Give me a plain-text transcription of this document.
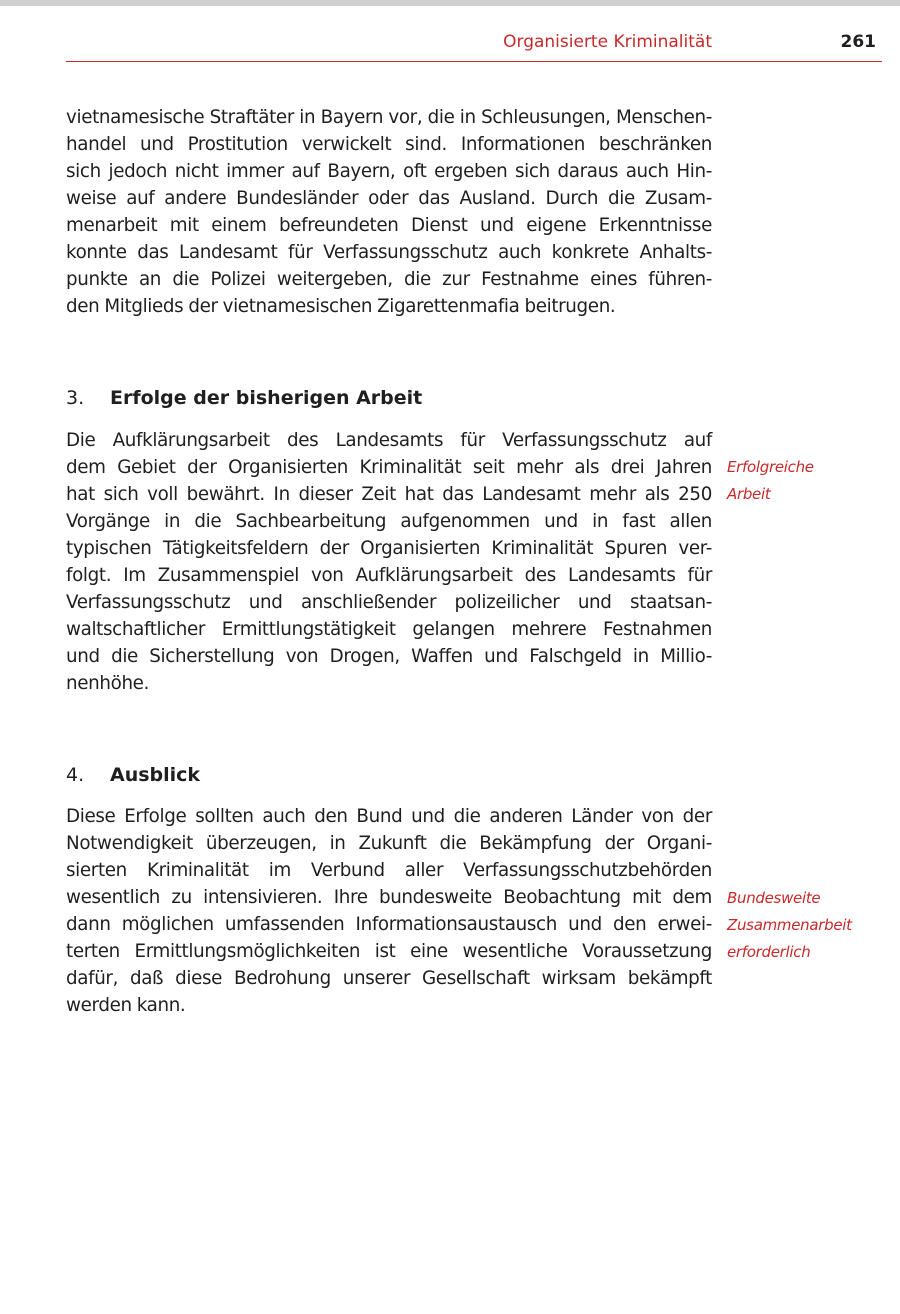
Organisierte Kriminalität	261
vietnamesische Straftäter in Bayern vor, die in Schleusungen, Menschen-
handel und Prostitution verwickelt sind. Informationen beschränken
sich jedoch nicht immer auf Bayern, oft ergeben sich daraus auch Hin-
weise auf andere Bundesländer oder das Ausland. Durch die Zusam-
menarbeit mit einem befreundeten Dienst und eigene Erkenntnisse
konnte das Landesamt für Verfassungsschutz auch konkrete Anhalts-
punkte an die Polizei weitergeben, die zur Festnahme eines führen-
den Mitglieds der vietnamesischen Zigarettenmafia beitrugen.
3. Erfolge der bisherigen Arbeit
Die Aufklärungsarbeit des Landesamts für Verfassungsschutz auf
dem Gebiet der Organisierten Kriminalität seit mehr als drei Jahren
hat sich voll bewährt. In dieser Zeit hat das Landesamt mehr als 250
Vorgänge in die Sachbearbeitung aufgenommen und in fast allen
typischen Tätigkeitsfeldern der Organisierten Kriminalität Spuren ver-
folgt. Im Zusammenspiel von Aufklärungsarbeit des Landesamts für
Verfassungsschutz und anschließender polizeilicher und staatsan-
waltschaftlicher Ermittlungstätigkeit gelangen mehrere Festnahmen
und die Sicherstellung von Drogen, Waffen und Falschgeld in Millio-
nenhöhe.
Erfolgreiche
Arbeit
4. Ausblick
Diese Erfolge sollten auch den Bund und die anderen Länder von der
Notwendigkeit überzeugen, in Zukunft die Bekämpfung der Organi-
sierten Kriminalität im Verbund aller Verfassungsschutzbehörden
wesentlich zu intensivieren. Ihre bundesweite Beobachtung mit dem
dann möglichen umfassenden Informationsaustausch und den erwei-
terten Ermittlungsmöglichkeiten ist eine wesentliche Voraussetzung
dafür, daß diese Bedrohung unserer Gesellschaft wirksam bekämpft
werden kann.
Bundesweite
Zusammenarbeit
erforderlich
